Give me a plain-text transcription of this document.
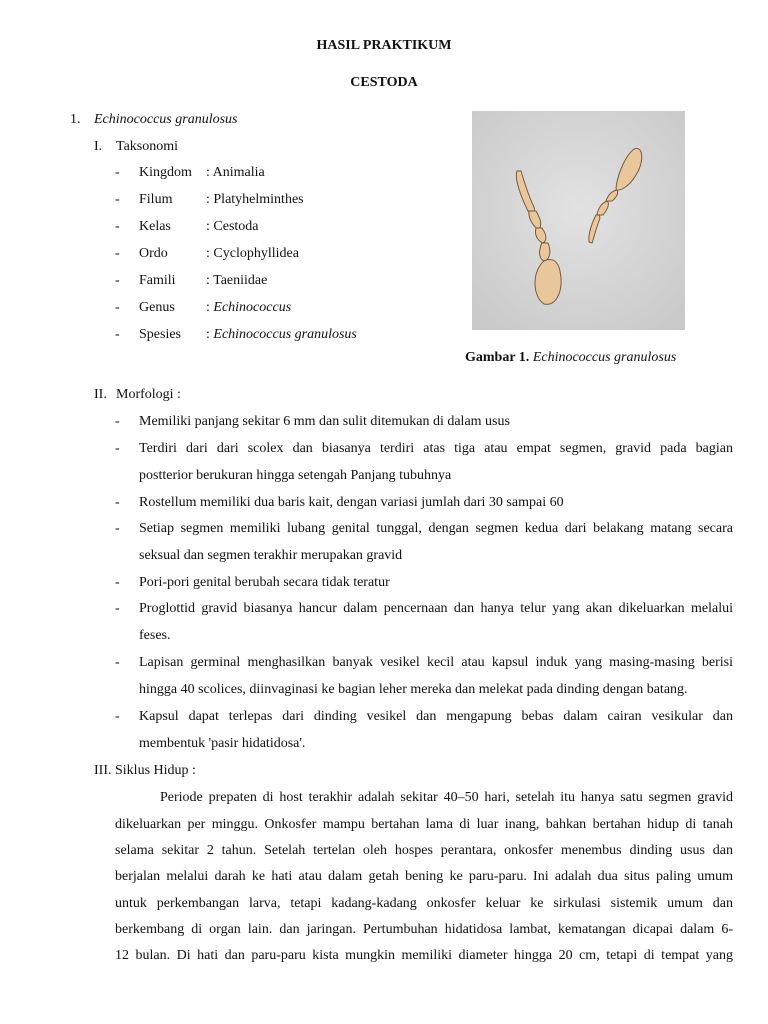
HASIL PRAKTIKUM
CESTODA
1. Echinococcus granulosus
I. Taksonomi
- Kingdom : Animalia
- Filum : Platyhelminthes
- Kelas	: Cestoda
- Ordo	: Cyclophyllidea
- Famili : Taeniidae
- Genus : Echinococcus
- Spesies : Echinococcus granulosus
Gambar 1. Echinococcus granulosus
II. Morfologi :
- Memiliki panjang sekitar 6 mm dan sulit ditemukan di dalam usus
- Terdiri dari dari scolex dan biasanya terdiri atas tiga atau empat segmen, gravid pada bagian
postterior berukuran hingga setengah Panjang tubuhnya
- Rostellum memiliki dua baris kait, dengan variasi jumlah dari 30 sampai 60
- Setiap segmen memiliki lubang genital tunggal, dengan segmen kedua dari belakang matang secara
seksual dan segmen terakhir merupakan gravid
- Pori-pori genital berubah secara tidak teratur
- Proglottid gravid biasanya hancur dalam pencernaan dan hanya telur yang akan dikeluarkan melalui
feses.
- Lapisan germinal menghasilkan banyak vesikel kecil atau kapsul induk yang masing-masing berisi
hingga 40 scolices, diinvaginasi ke bagian leher mereka dan melekat pada dinding dengan batang.
- Kapsul dapat terlepas dari dinding vesikel dan mengapung bebas dalam cairan vesikular dan
membentuk 'pasir hidatidosa'.
III. Siklus Hidup :
Periode prepaten di host terakhir adalah sekitar 40–50 hari, setelah itu hanya satu segmen gravid
dikeluarkan per minggu. Onkosfer mampu bertahan lama di luar inang, bahkan bertahan hidup di tanah
selama sekitar 2 tahun. Setelah tertelan oleh hospes perantara, onkosfer menembus dinding usus dan
berjalan melalui darah ke hati atau dalam getah bening ke paru-paru. Ini adalah dua situs paling umum
untuk perkembangan larva, tetapi kadang-kadang onkosfer keluar ke sirkulasi sistemik umum dan
berkembang di organ lain. dan jaringan. Pertumbuhan hidatidosa lambat, kematangan dicapai dalam 6-
12 bulan. Di hati dan paru-paru kista mungkin memiliki diameter hingga 20 cm, tetapi di tempat yang
